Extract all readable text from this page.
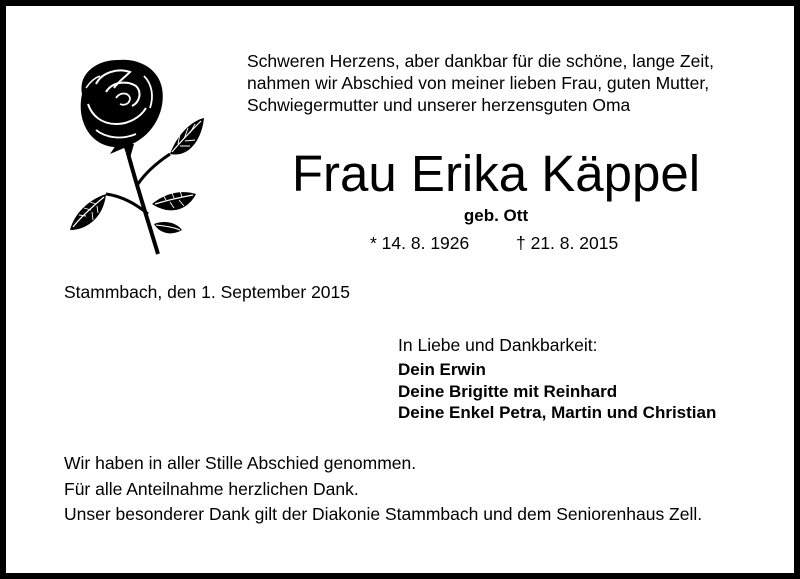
Schweren Herzens, aber dankbar für die schöne, lange Zeit,
nahmen wir Abschied von meiner lieben Frau, guten Mutter,
Schwiegermutter und unserer herzensguten Oma
Frau Erika Käppel
geb. Ott
* 14. 8. 1926	† 21. 8. 2015
Stammbach, den 1. September 2015
In Liebe und Dankbarkeit:
Dein Erwin
Deine Brigitte mit Reinhard
Deine Enkel Petra, Martin und Christian
Wir haben in aller Stille Abschied genommen.
Für alle Anteilnahme herzlichen Dank.
Unser besonderer Dank gilt der Diakonie Stammbach und dem Seniorenhaus Zell.
